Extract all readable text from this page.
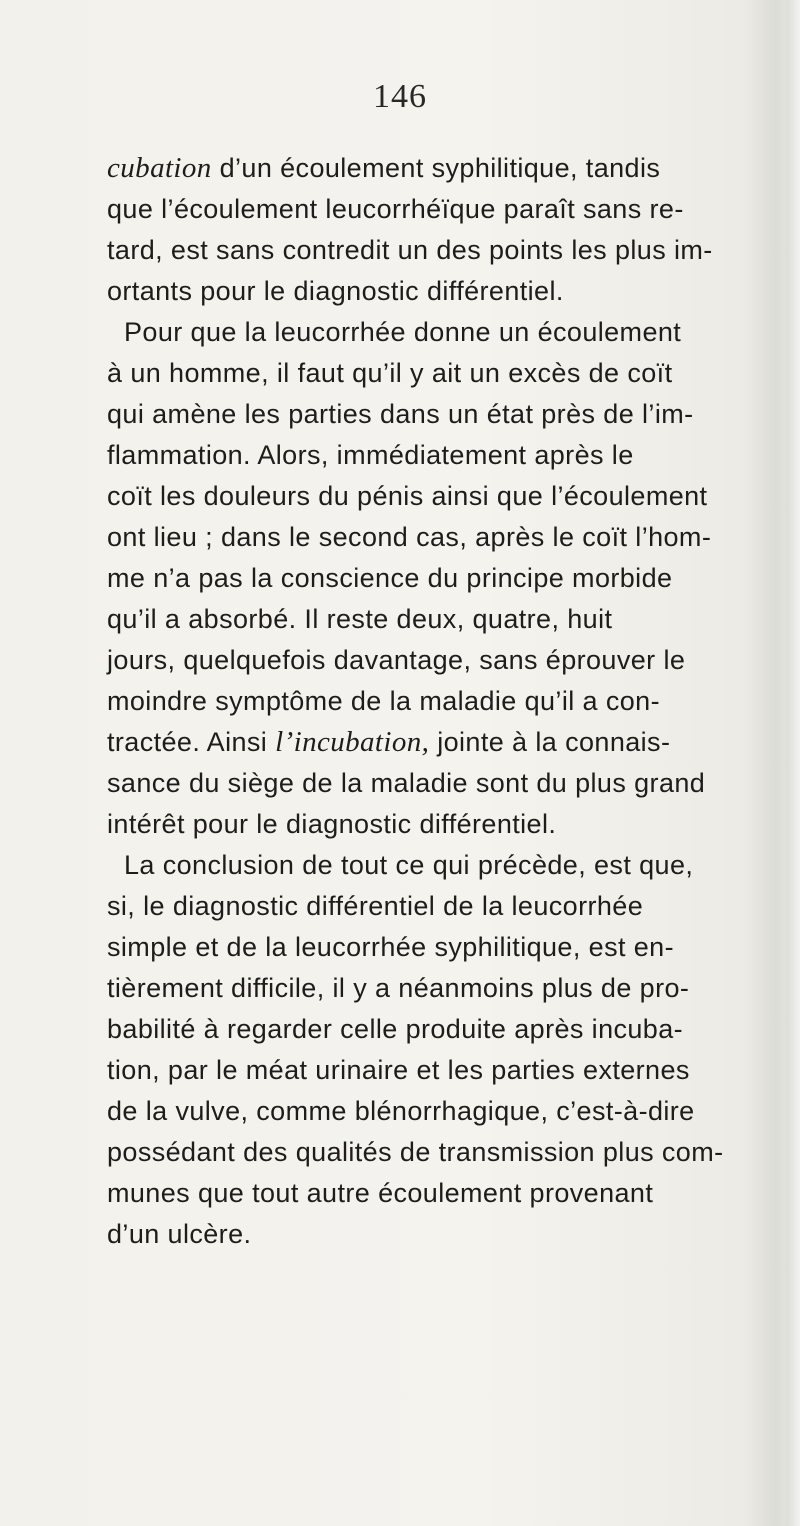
146
cubation d’un écoulement syphilitique, tandis
que l’écoulement leucorrhéïque paraît sans re-
tard, est sans contredit un des points les plus im-
ortants pour le diagnostic différentiel.
Pour que la leucorrhée donne un écoulement
à un homme, il faut qu’il y ait un excès de coït
qui amène les parties dans un état près de l’im-
flammation. Alors, immédiatement après le
coït les douleurs du pénis ainsi que l’écoulement
ont lieu ; dans le second cas, après le coït l’hom-
me n’a pas la conscience du principe morbide
qu’il a absorbé. Il reste deux, quatre, huit
jours, quelquefois davantage, sans éprouver le
moindre symptôme de la maladie qu’il a con-
tractée. Ainsi l’incubation, jointe à la connais-
sance du siège de la maladie sont du plus grand
intérêt pour le diagnostic différentiel.
La conclusion de tout ce qui précède, est que,
si, le diagnostic différentiel de la leucorrhée
simple et de la leucorrhée syphilitique, est en-
tièrement difficile, il y a néanmoins plus de pro-
babilité à regarder celle produite après incuba-
tion, par le méat urinaire et les parties externes
de la vulve, comme blénorrhagique, c’est-à-dire
possédant des qualités de transmission plus com-
munes que tout autre écoulement provenant
d’un ulcère.
